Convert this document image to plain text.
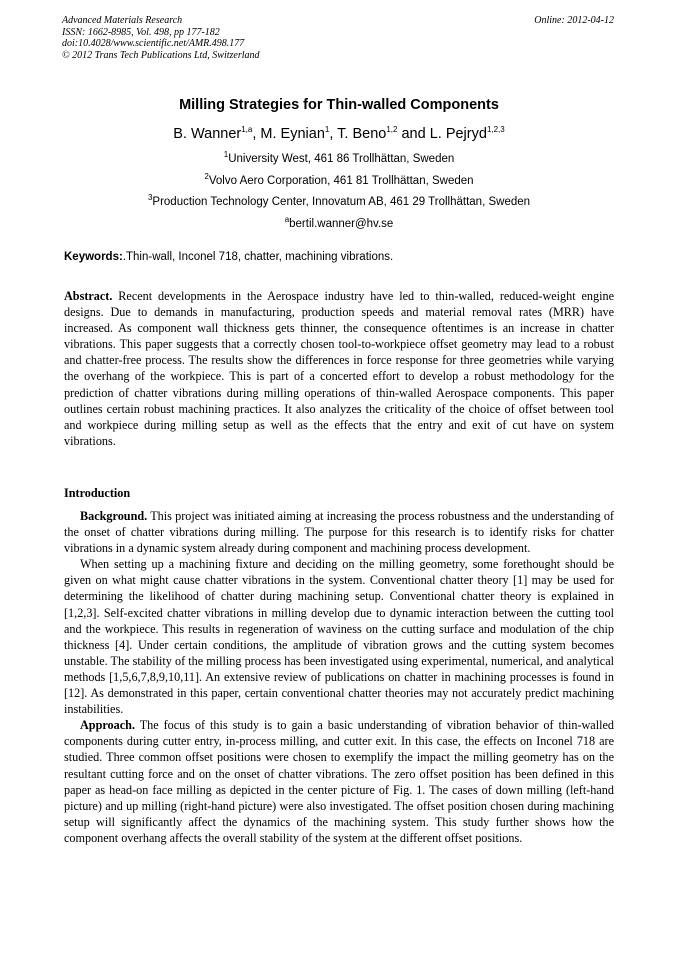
Advanced Materials Research
ISSN: 1662-8985, Vol. 498, pp 177-182
doi:10.4028/www.scientific.net/AMR.498.177
© 2012 Trans Tech Publications Ltd, Switzerland
Online: 2012-04-12
Milling Strategies for Thin-walled Components
B. Wanner$^{1,a}$, M. Eynian$^1$, T. Beno$^{1,2}$ and L. Pejryd$^{1,2,3}$
$^1$University West, 461 86 Trollhättan, Sweden
$^2$Volvo Aero Corporation, 461 81 Trollhättan, Sweden
$^3$Production Technology Center, Innovatum AB, 461 29 Trollhättan, Sweden
$^a$bertil.wanner@hv.se
Keywords:.Thin-wall, Inconel 718, chatter, machining vibrations.

Abstract. Recent developments in the Aerospace industry have led to thin-walled, reduced-weight engine designs. Due to demands in manufacturing, production speeds and material removal rates (MRR) have increased. As component wall thickness gets thinner, the consequence oftentimes is an increase in chatter vibrations. This paper suggests that a correctly chosen tool-to-workpiece offset geometry may lead to a robust and chatter-free process. The results show the differences in force response for three geometries while varying the overhang of the workpiece. This is part of a concerted effort to develop a robust methodology for the prediction of chatter vibrations during milling operations of thin-walled Aerospace components. This paper outlines certain robust machining practices. It also analyzes the criticality of the choice of offset between tool and workpiece during milling setup as well as the effects that the entry and exit of cut have on system vibrations.

Introduction

Background. This project was initiated aiming at increasing the process robustness and the understanding of the onset of chatter vibrations during milling. The purpose for this research is to identify risks for chatter vibrations in a dynamic system already during component and machining process development.

When setting up a machining fixture and deciding on the milling geometry, some forethought should be given on what might cause chatter vibrations in the system. Conventional chatter theory [1] may be used for determining the likelihood of chatter during machining setup. Conventional chatter theory is explained in [1,2,3]. Self-excited chatter vibrations in milling develop due to dynamic interaction between the cutting tool and the workpiece. This results in regeneration of waviness on the cutting surface and modulation of the chip thickness [4]. Under certain conditions, the amplitude of vibration grows and the cutting system becomes unstable. The stability of the milling process has been investigated using experimental, numerical, and analytical methods [1,5,6,7,8,9,10,11]. An extensive review of publications on chatter in machining processes is found in [12]. As demonstrated in this paper, certain conventional chatter theories may not accurately predict machining instabilities.

Approach. The focus of this study is to gain a basic understanding of vibration behavior of thin-walled components during cutter entry, in-process milling, and cutter exit. In this case, the effects on Inconel 718 are studied. Three common offset positions were chosen to exemplify the impact the milling geometry has on the resultant cutting force and on the onset of chatter vibrations. The zero offset position has been defined in this paper as head-on face milling as depicted in the center picture of Fig. 1. The cases of down milling (left-hand picture) and up milling (right-hand picture) were also investigated. The offset position chosen during machining setup will significantly affect the dynamics of the machining system. This study further shows how the component overhang affects the overall stability of the system at the different offset positions.
